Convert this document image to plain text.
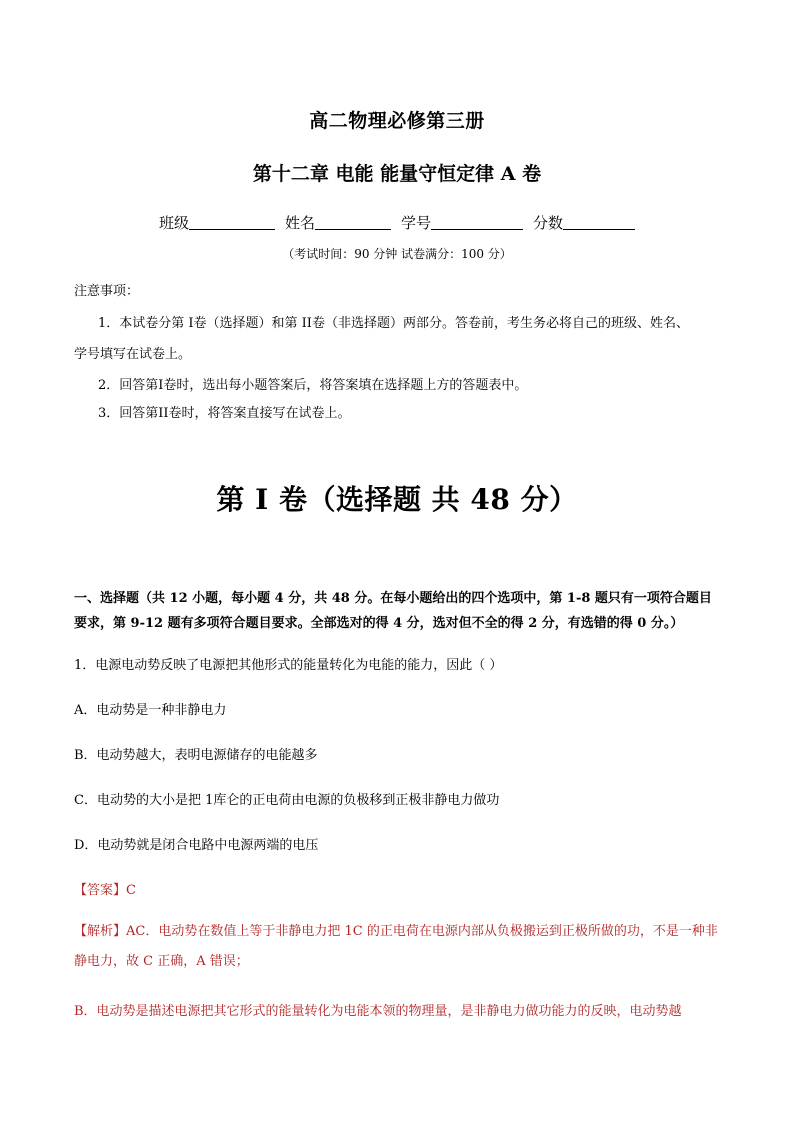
高二物理必修第三册
第十二章 电能 能量守恒定律 A 卷
班级	姓名	学号	分数
（考试时间：90 分钟 试卷满分：100 分）
注意事项：
1．本试卷分第 I卷（选择题）和第 II卷（非选择题）两部分。答卷前，考生务必将自己的班级、姓名、
学号填写在试卷上。
2．回答第I卷时，选出每小题答案后，将答案填在选择题上方的答题表中。
3．回答第II卷时，将答案直接写在试卷上。
第 I 卷（选择题 共 48 分）
一、选择题（共 12 小题，每小题 4 分，共 48 分。在每小题给出的四个选项中，第 1-8 题只有一项符合题目要求，第 9-12 题有多项符合题目要求。全部选对的得 4 分，选对但不全的得 2 分，有选错的得 0 分。）
1．电源电动势反映了电源把其他形式的能量转化为电能的能力，因此（ ）
A．电动势是一种非静电力
B．电动势越大，表明电源储存的电能越多
C．电动势的大小是把 1库仑的正电荷由电源的负极移到正极非静电力做功
D．电动势就是闭合电路中电源两端的电压
【答案】C
【解析】AC．电动势在数值上等于非静电力把 1C 的正电荷在电源内部从负极搬运到正极所做的功，不是一种非静电力，故 C 正确，A 错误；
B．电动势是描述电源把其它形式的能量转化为电能本领的物理量，是非静电力做功能力的反映，电动势越
